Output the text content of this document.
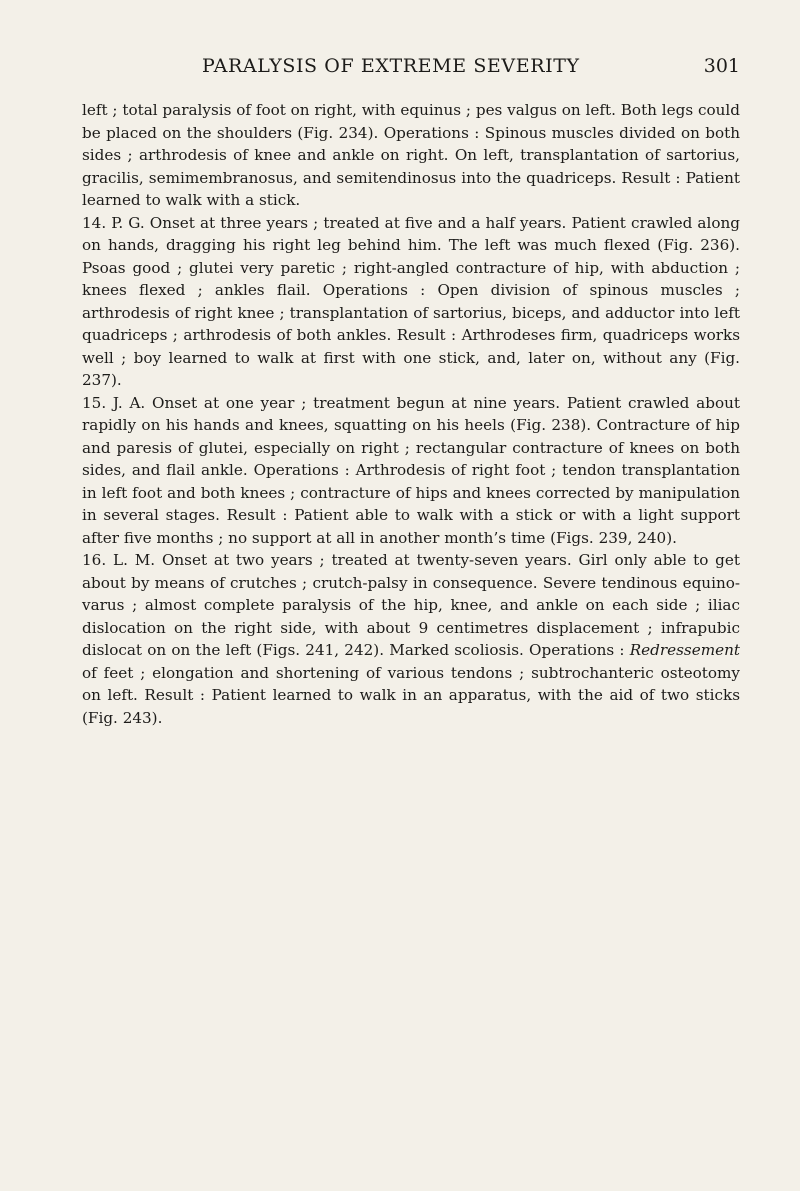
PARALYSIS OF EXTREME SEVERITY	301

left ; total paralysis of foot on right, with equinus ; pes valgus on left. Both legs could be placed on the shoulders (Fig. 234). Operations : Spinous muscles divided on both sides ; arthrodesis of knee and ankle on right. On left, transplantation of sartorius, gracilis, semimembranosus, and semitendinosus into the quadriceps. Result : Patient learned to walk with a stick.

14. P. G. Onset at three years ; treated at five and a half years. Patient crawled along on hands, dragging his right leg behind him. The left was much flexed (Fig. 236). Psoas good ; glutei very paretic ; right-angled contracture of hip, with abduction ; knees flexed ; ankles flail. Operations : Open division of spinous muscles ; arthrodesis of right knee ; transplantation of sartorius, biceps, and adductor into left quadriceps ; arthrodesis of both ankles. Result : Arthrodeses firm, quadriceps works well ; boy learned to walk at first with one stick, and, later on, without any (Fig. 237).

15. J. A. Onset at one year ; treatment begun at nine years. Patient crawled about rapidly on his hands and knees, squatting on his heels (Fig. 238). Contracture of hip and paresis of glutei, especially on right ; rectangular contracture of knees on both sides, and flail ankle. Operations : Arthrodesis of right foot ; tendon transplantation in left foot and both knees ; contracture of hips and knees corrected by manipulation in several stages. Result : Patient able to walk with a stick or with a light support after five months ; no support at all in another month’s time (Figs. 239, 240).

16. L. M. Onset at two years ; treated at twenty-seven years. Girl only able to get about by means of crutches ; crutch-palsy in consequence. Severe tendinous equino-varus ; almost complete paralysis of the hip, knee, and ankle on each side ; iliac dislocation on the right side, with about 9 centimetres displacement ; infrapubic dislocat on on the left (Figs. 241, 242). Marked scoliosis. Operations : Redressement of feet ; elongation and shortening of various tendons ; subtrochanteric osteotomy on left. Result : Patient learned to walk in an apparatus, with the aid of two sticks (Fig. 243).
